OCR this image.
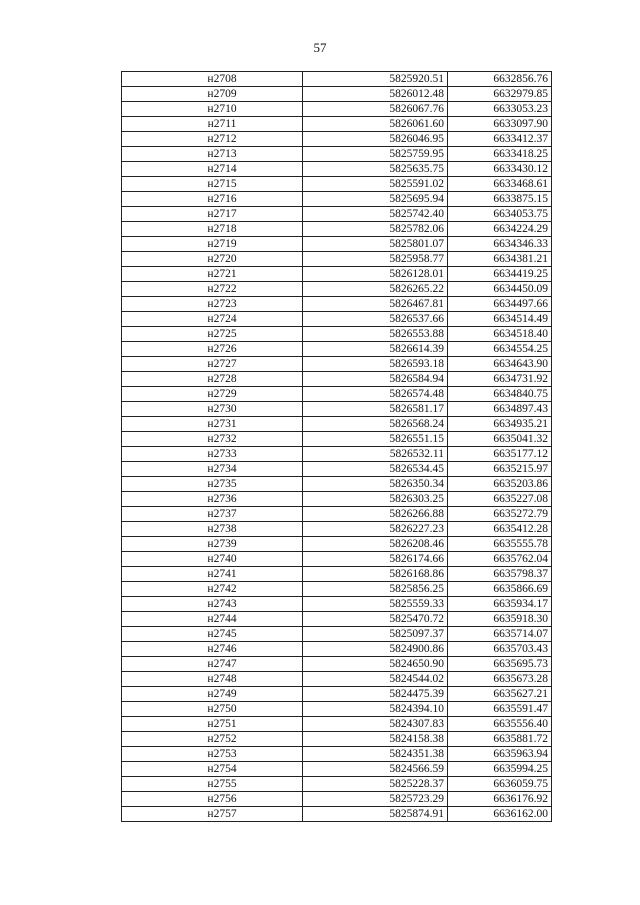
57
н2708	5825920.51	6632856.76
н2709	5826012.48	6632979.85
н2710	5826067.76	6633053.23
н2711	5826061.60	6633097.90
н2712	5826046.95	6633412.37
н2713	5825759.95	6633418.25
н2714	5825635.75	6633430.12
н2715	5825591.02	6633468.61
н2716	5825695.94	6633875.15
н2717	5825742.40	6634053.75
н2718	5825782.06	6634224.29
н2719	5825801.07	6634346.33
н2720	5825958.77	6634381.21
н2721	5826128.01	6634419.25
н2722	5826265.22	6634450.09
н2723	5826467.81	6634497.66
н2724	5826537.66	6634514.49
н2725	5826553.88	6634518.40
н2726	5826614.39	6634554.25
н2727	5826593.18	6634643.90
н2728	5826584.94	6634731.92
н2729	5826574.48	6634840.75
н2730	5826581.17	6634897.43
н2731	5826568.24	6634935.21
н2732	5826551.15	6635041.32
н2733	5826532.11	6635177.12
н2734	5826534.45	6635215.97
н2735	5826350.34	6635203.86
н2736	5826303.25	6635227.08
н2737	5826266.88	6635272.79
н2738	5826227.23	6635412.28
н2739	5826208.46	6635555.78
н2740	5826174.66	6635762.04
н2741	5826168.86	6635798.37
н2742	5825856.25	6635866.69
н2743	5825559.33	6635934.17
н2744	5825470.72	6635918.30
н2745	5825097.37	6635714.07
н2746	5824900.86	6635703.43
н2747	5824650.90	6635695.73
н2748	5824544.02	6635673.28
н2749	5824475.39	6635627.21
н2750	5824394.10	6635591.47
н2751	5824307.83	6635556.40
н2752	5824158.38	6635881.72
н2753	5824351.38	6635963.94
н2754	5824566.59	6635994.25
н2755	5825228.37	6636059.75
н2756	5825723.29	6636176.92
н2757	5825874.91	6636162.00
